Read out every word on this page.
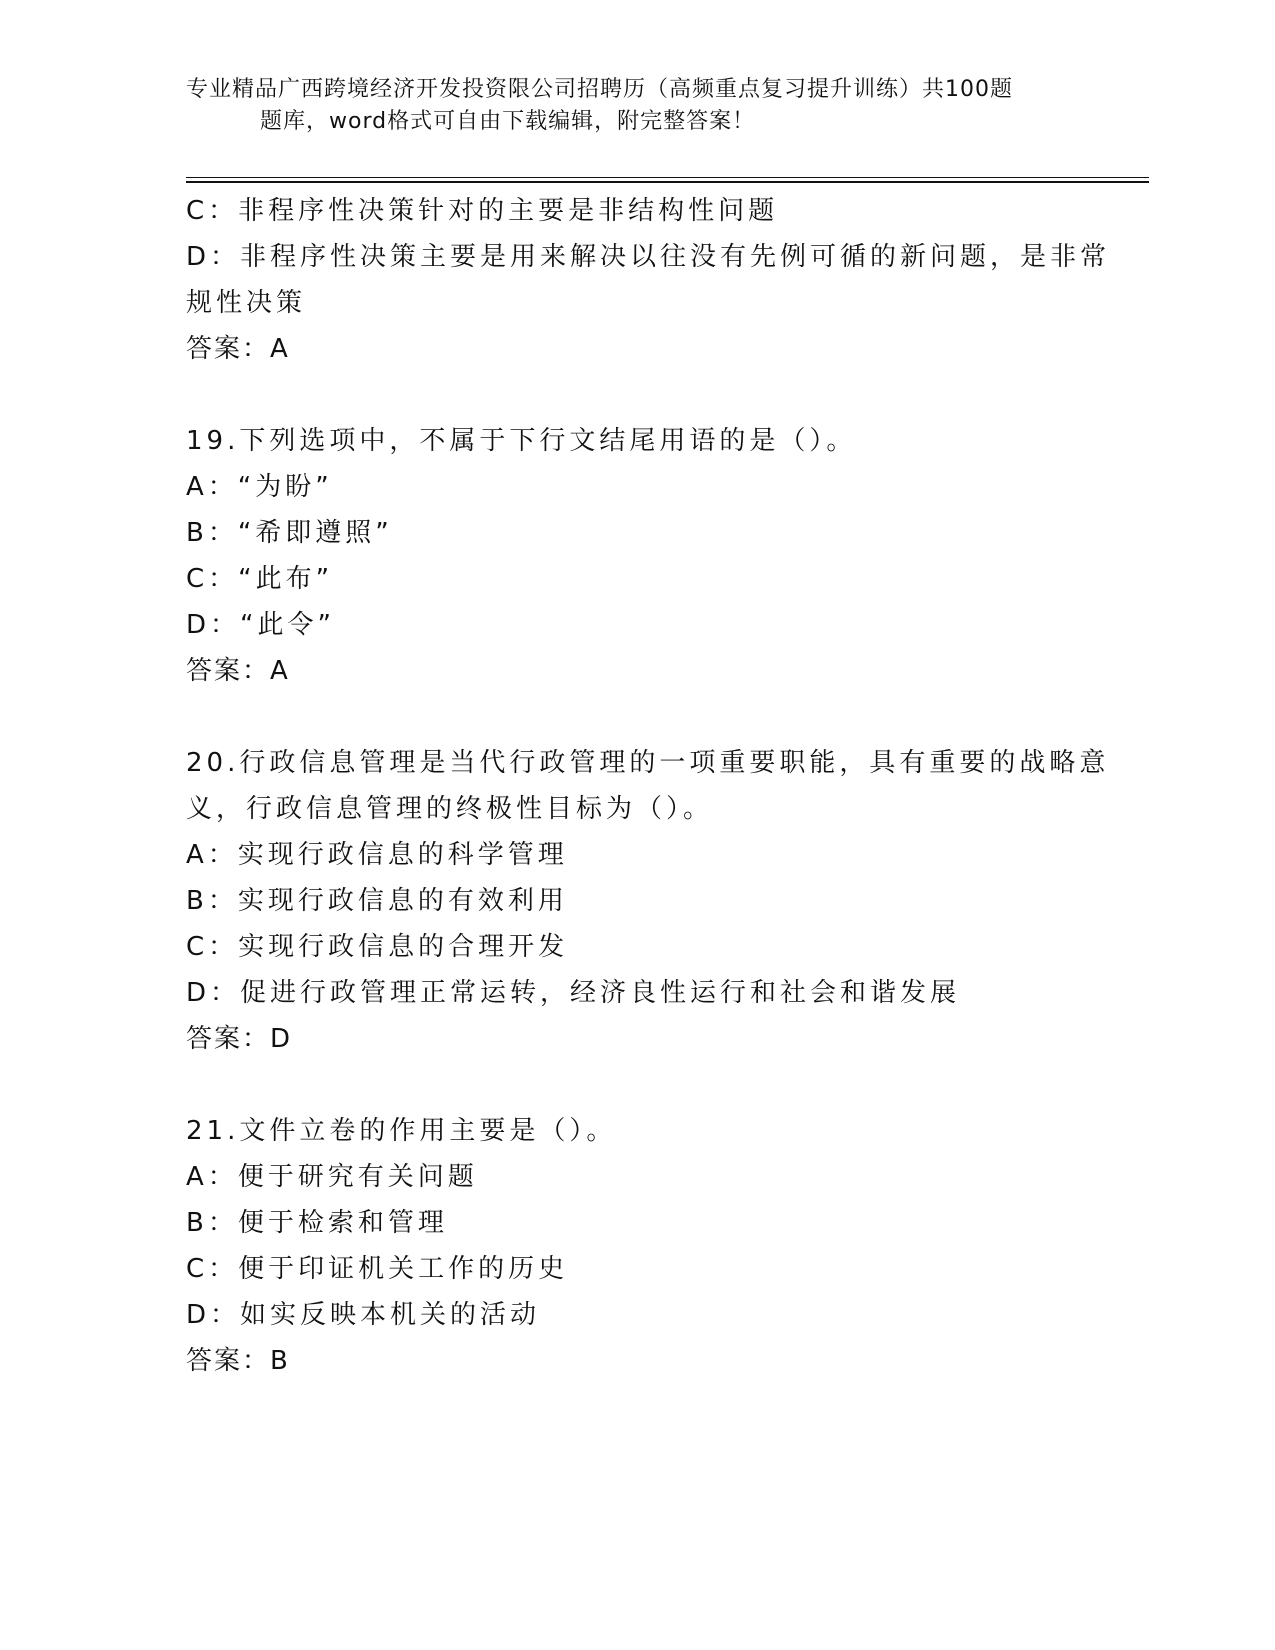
专业精品广西跨境经济开发投资限公司招聘历（高频重点复习提升训练）共100题
题库，word格式可自由下载编辑，附完整答案！
C：非程序性决策针对的主要是非结构性问题
D：非程序性决策主要是用来解决以往没有先例可循的新问题，是非常
规性决策
答案：A
19.下列选项中，不属于下行文结尾用语的是（）。
A：“为盼”
B：“希即遵照”
C：“此布”
D：“此令”
答案：A
20.行政信息管理是当代行政管理的一项重要职能，具有重要的战略意
义，行政信息管理的终极性目标为（）。
A：实现行政信息的科学管理
B：实现行政信息的有效利用
C：实现行政信息的合理开发
D：促进行政管理正常运转，经济良性运行和社会和谐发展
答案：D
21.文件立卷的作用主要是（）。
A：便于研究有关问题
B：便于检索和管理
C：便于印证机关工作的历史
D：如实反映本机关的活动
答案：B
